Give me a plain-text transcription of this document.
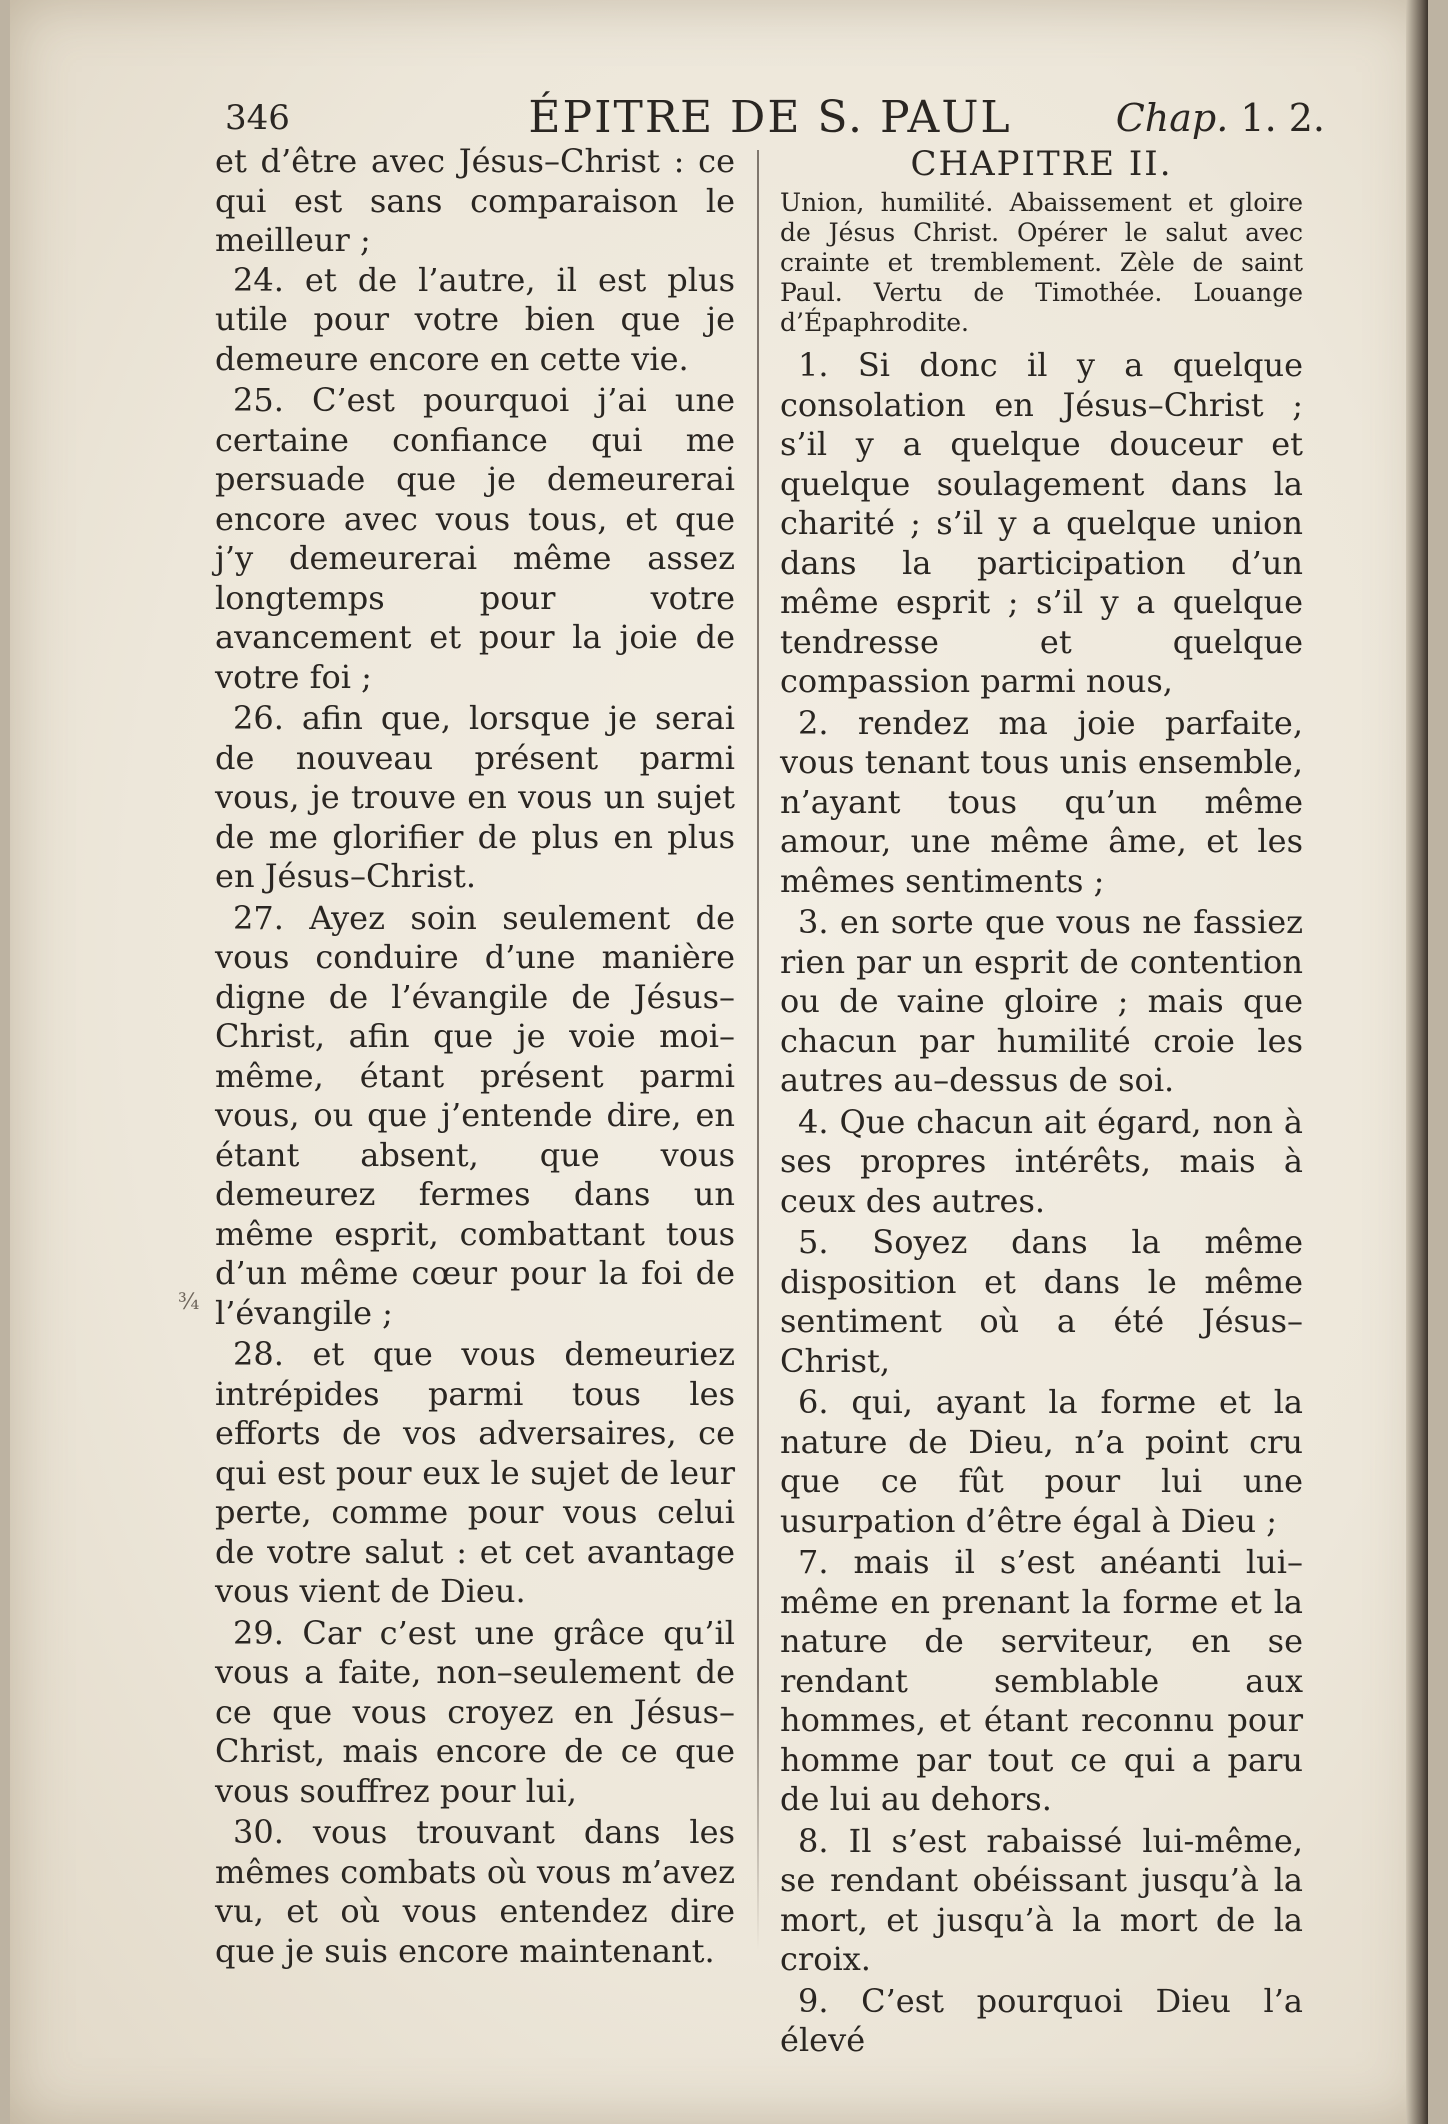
346	ÉPITRE DE S. PAUL	Chap. 1. 2.
¾

et d’être avec Jésus–Christ : ce qui est sans comparaison le meilleur ;

24. et de l’autre, il est plus utile pour votre bien que je demeure encore en cette vie.

25. C’est pourquoi j’ai une certaine confiance qui me persuade que je demeurerai encore avec vous tous, et que j’y demeurerai même assez longtemps pour votre avancement et pour la joie de votre foi ;

26. afin que, lorsque je serai de nouveau présent parmi vous, je trouve en vous un sujet de me glorifier de plus en plus en Jésus–Christ.

27. Ayez soin seulement de vous conduire d’une manière digne de l’évangile de Jésus–Christ, afin que je voie moi–même, étant présent parmi vous, ou que j’entende dire, en étant absent, que vous demeurez fermes dans un même esprit, combattant tous d’un même cœur pour la foi de l’évangile ;

28. et que vous demeuriez intrépides parmi tous les efforts de vos adversaires, ce qui est pour eux le sujet de leur perte, comme pour vous celui de votre salut : et cet avantage vous vient de Dieu.

29. Car c’est une grâce qu’il vous a faite, non–seulement de ce que vous croyez en Jésus–Christ, mais encore de ce que vous souffrez pour lui,

30. vous trouvant dans les mêmes combats où vous m’avez vu, et où vous entendez dire que je suis encore maintenant.

CHAPITRE II.
Union, humilité. Abaissement et gloire de Jésus Christ. Opérer le salut avec crainte et tremblement. Zèle de saint Paul. Vertu de Timothée. Louange d’Épaphrodite.

1. Si donc il y a quelque consolation en Jésus–Christ ; s’il y a quelque douceur et quelque soulagement dans la charité ; s’il y a quelque union dans la participation d’un même esprit ; s’il y a quelque tendresse et quelque compassion parmi nous,

2. rendez ma joie parfaite, vous tenant tous unis ensemble, n’ayant tous qu’un même amour, une même âme, et les mêmes sentiments ;

3. en sorte que vous ne fassiez rien par un esprit de contention ou de vaine gloire ; mais que chacun par humilité croie les autres au–dessus de soi.

4. Que chacun ait égard, non à ses propres intérêts, mais à ceux des autres.

5. Soyez dans la même disposition et dans le même sentiment où a été Jésus–Christ,

6. qui, ayant la forme et la nature de Dieu, n’a point cru que ce fût pour lui une usurpation d’être égal à Dieu ;

7. mais il s’est anéanti lui–même en prenant la forme et la nature de serviteur, en se rendant semblable aux hommes, et étant reconnu pour homme par tout ce qui a paru de lui au dehors.

8. Il s’est rabaissé lui-même, se rendant obéissant jusqu’à la mort, et jusqu’à la mort de la croix.

9. C’est pourquoi Dieu l’a élevé
